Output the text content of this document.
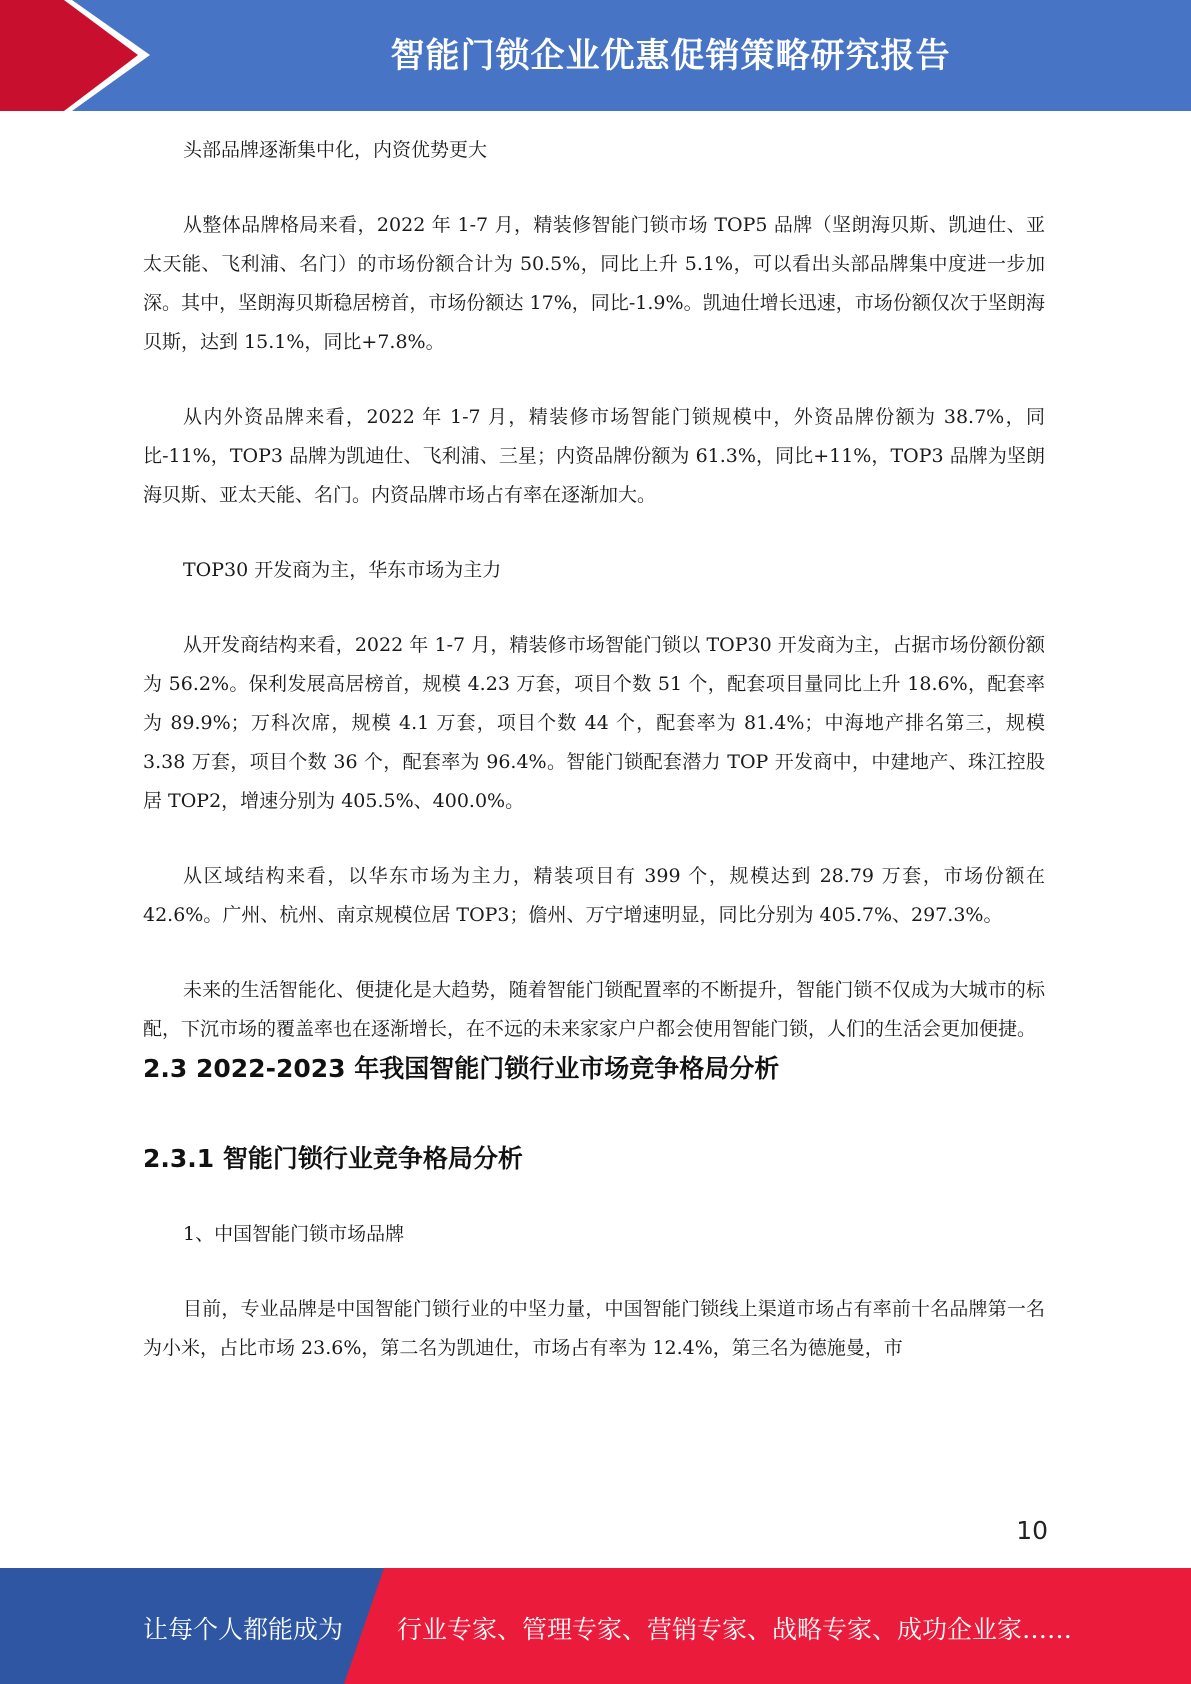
智能门锁企业优惠促销策略研究报告

头部品牌逐渐集中化，内资优势更大

从整体品牌格局来看，2022 年 1-7 月，精装修智能门锁市场 TOP5 品牌（坚朗海贝斯、凯迪仕、亚太天能、飞利浦、名门）的市场份额合计为 50.5%，同比上升 5.1%，可以看出头部品牌集中度进一步加深。其中，坚朗海贝斯稳居榜首，市场份额达 17%，同比-1.9%。凯迪仕增长迅速，市场份额仅次于坚朗海贝斯，达到 15.1%，同比+7.8%。

从内外资品牌来看，2022 年 1-7 月，精装修市场智能门锁规模中，外资品牌份额为 38.7%，同比-11%，TOP3 品牌为凯迪仕、飞利浦、三星；内资品牌份额为 61.3%，同比+11%，TOP3 品牌为坚朗海贝斯、亚太天能、名门。内资品牌市场占有率在逐渐加大。

TOP30 开发商为主，华东市场为主力

从开发商结构来看，2022 年 1-7 月，精装修市场智能门锁以 TOP30 开发商为主，占据市场份额份额为 56.2%。保利发展高居榜首，规模 4.23 万套，项目个数 51 个，配套项目量同比上升 18.6%，配套率为 89.9%；万科次席，规模 4.1 万套，项目个数 44 个，配套率为 81.4%；中海地产排名第三，规模 3.38 万套，项目个数 36 个，配套率为 96.4%。智能门锁配套潜力 TOP 开发商中，中建地产、珠江控股居 TOP2，增速分别为 405.5%、400.0%。

从区域结构来看，以华东市场为主力，精装项目有 399 个，规模达到 28.79 万套，市场份额在 42.6%。广州、杭州、南京规模位居 TOP3；儋州、万宁增速明显，同比分别为 405.7%、297.3%。

未来的生活智能化、便捷化是大趋势，随着智能门锁配置率的不断提升，智能门锁不仅成为大城市的标配，下沉市场的覆盖率也在逐渐增长，在不远的未来家家户户都会使用智能门锁，人们的生活会更加便捷。

2.3 2022-2023 年我国智能门锁行业市场竞争格局分析
2.3.1 智能门锁行业竞争格局分析

1、中国智能门锁市场品牌

目前，专业品牌是中国智能门锁行业的中坚力量，中国智能门锁线上渠道市场占有率前十名品牌第一名为小米，占比市场 23.6%，第二名为凯迪仕，市场占有率为 12.4%，第三名为德施曼，市

10
让每个人都能成为 行业专家、管理专家、营销专家、战略专家、成功企业家……
